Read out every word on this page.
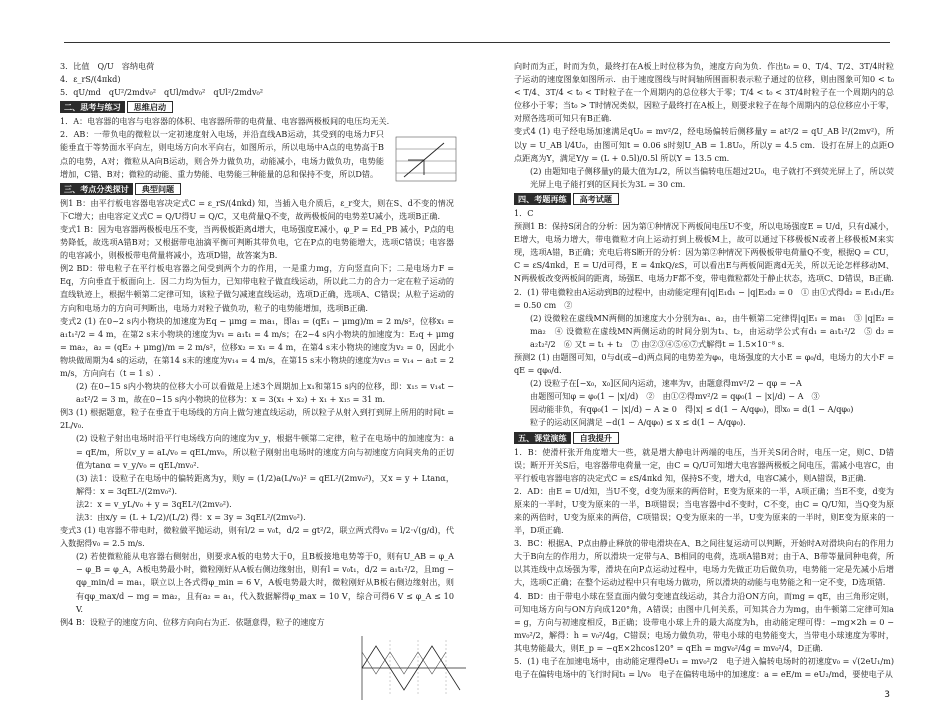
3．比值　Q/U　容纳电荷

4．ε_rS/(4πkd)

5．qU/md　qU²/2mdv₀²　qUl/mdv₀²　qUl²/2mdv₀²

二、思考与练习	思维启动

1．A：电容器的电容与电容器的体积、电容器所带的电荷量、电容器两极板间的电压均无关.

2．AB：一带负电的微粒以一定初速度射入电场，并沿直线AB运动，其受到的电场力F只能垂直于等势面水平向左，则电场方向水平向右，如图所示，所以电场中A点的电势高于B点的电势，A对；微粒从A向B运动，则合外力做负功，动能减小，电场力做负功，电势能增加，C错、B对；微粒的动能、重力势能、电势能三种能量的总和保持不变，所以D错。

三、考点分类探讨	典型问题

例1 B：由平行板电容器电容决定式C = ε_rS/(4πkd) 知，当插入电介质后，ε_r变大，则在S、d不变的情况下C增大；由电容定义式C = Q/U得U = Q/C，又电荷量Q不变，故两极板间的电势差U减小，选项B正确.

变式1 B：因为电容器两极板电压不变，当两极板距离d增大，电场强度E减小，φ_P = Ed_PB 减小，P点的电势降低，故选项A错B对；又根据带电油滴平衡可判断其带负电，它在P点的电势能增大，选项C错误；电容器的电容减小，则极板带电荷量将减小，选项D错，故答案为B.

例2 BD：带电粒子在平行板电容器之间受到两个力的作用，一是重力mg，方向竖直向下；二是电场力F = Eq，方向垂直于板面向上．因二力均为恒力，已知带电粒子做直线运动，所以此二力的合力一定在粒子运动的直线轨迹上，根据牛顿第二定律可知，该粒子做匀减速直线运动，选项D正确，选项A、C错误；从粒子运动的方向和电场力的方向可判断出，电场力对粒子做负功，粒子的电势能增加，选项B正确.

变式2 (1) 在0~2 s内小物块的加速度为Eq − μmg = ma₁，即a₁ = (qE₁ − μmg)/m = 2 m/s²，位移x₁ = a₁t₁²/2 = 4 m，在第2 s末小物块的速度为v₁ = a₁t₁ = 4 m/s；在2~4 s内小物块的加速度为：E₂q + μmg = ma₂，a₂ = (qE₂ + μmg)/m = 2 m/s²，位移x₂ = x₁ = 4 m，在第4 s末小物块的速度为v₂ = 0，因此小物块做周期为4 s的运动，在第14 s末的速度为v₁₄ = 4 m/s，在第15 s末小物块的速度为v₁₅ = v₁₄ − a₂t = 2 m/s，方向向右（t = 1 s）.

(2) 在0~15 s内小物块的位移大小可以看做是上述3个周期加上x₁和第15 s内的位移，即：x₁₅ = v₁₄t − a₂t²/2 = 3 m，故在0~15 s内小物块的位移为：x = 3(x₁ + x₂) + x₁ + x₁₅ = 31 m.

例3 (1) 根据题意，粒子在垂直于电场线的方向上做匀速直线运动，所以粒子从射入到打到屏上所用的时间t = 2L/v₀.

(2) 设粒子射出电场时沿平行电场线方向的速度为v_y，根据牛顿第二定律，粒子在电场中的加速度为：a = qE/m，所以v_y = aL/v₀ = qEL/mv₀，所以粒子刚射出电场时的速度方向与初速度方向间夹角的正切值为tanα = v_y/v₀ = qEL/mv₀².

(3) 法1：设粒子在电场中的偏转距离为y，则y = (1/2)a(L/v₀)² = qEL²/(2mv₀²)，又x = y + Ltanα，解得：x = 3qEL²/(2mv₀²).

法2：x = v_yL/v₀ + y = 3qEL²/(2mv₀²).

法3：由x/y = (L + L/2)/(L/2) 得：x = 3y = 3qEL²/(2mv₀²).

变式3 (1) 电容器不带电时，微粒做平抛运动，则有l/2 = v₀t，d/2 = gt²/2，联立两式得v₀ = l/2·√(g/d)，代入数据得v₀ = 2.5 m/s.

(2) 若使微粒能从电容器右侧射出，则要求A板的电势大于0，且B板接地电势等于0，则有U_AB = φ_A − φ_B = φ_A，A板电势最小时，微粒刚好从A板右侧边缘射出，则有l = v₀t₁，d/2 = a₁t₁²/2，且mg − qφ_min/d = ma₁，联立以上各式得φ_min = 6 V，A板电势最大时，微粒刚好从B板右侧边缘射出，则有qφ_max/d − mg = ma₂，且有a₂ = a₁，代入数据解得φ_max = 10 V，综合可得6 V ≤ φ_A ≤ 10 V.

例4 B：设粒子的速度方向、位移方向向右为正．依题意得，粒子的速度方

向时而为正，时而为负，最终打在A板上时位移为负，速度方向为负．作出t₀ = 0、T/4、T/2、3T/4时粒子运动的速度图象如图所示．由于速度图线与时间轴所围面积表示粒子通过的位移，则由图象可知0 < t₀ < T/4、3T/4 < t₀ < T时粒子在一个周期内的总位移大于零；T/4 < t₀ < 3T/4时粒子在一个周期内的总位移小于零；当t₀ > T时情况类似，因粒子最终打在A板上，则要求粒子在每个周期内的总位移应小于零，对照各选项可知只有B正确.

变式4 (1) 电子经电场加速满足qU₀ = mv²/2，经电场偏转后侧移量y = at²/2 = qU_AB l²/(2mv²)，所以y = U_AB l/4U₀，由图可知t = 0.06 s时刻U_AB = 1.8U₀，所以y = 4.5 cm．设打在屏上的点距O点距离为Y，满足Y/y = (L + 0.5l)/0.5l 所以Y = 13.5 cm.

(2) 由题知电子侧移量y的最大值为L/2，所以当偏转电压超过2U₀，电子就打不到荧光屏上了，所以荧光屏上电子能打到的区间长为3L = 30 cm.

四、考题再练	高考试题

1．C

预测1 B：保持S闭合的分析：因为第①种情况下两板间电压U不变，所以电场强度E = U/d，只有d减小，E增大，电场力增大，带电微粒才向上运动打到上极板M上，故可以通过下移极板N或者上移极板M来实现，选项A错，B正确；充电后将S断开的分析：因为第②种情况下两极板带电荷量Q不变，根据Q = CU，C = εS/4πkd，E = U/d可得，E = 4πkQ/εS，可以看出E与两板间距离d无关，所以无论怎样移动M、N两极板改变两板间的距离，场强E、电场力F都不变，带电微粒都处于静止状态，选项C、D错误，B正确.

2．(1) 带电微粒由A运动到B的过程中，由动能定理有|q|E₁d₁ − |q|E₂d₂ = 0　① 由①式得d₂ = E₁d₁/E₂ = 0.50 cm　②

(2) 设微粒在虚线MN两侧的加速度大小分别为a₁、a₂，由牛顿第二定律得|q|E₁ = ma₁　③ |q|E₂ = ma₂　④ 设微粒在虚线MN两侧运动的时间分别为t₁、t₂，由运动学公式有d₁ = a₁t₁²/2　⑤ d₂ = a₂t₂²/2　⑥ 又t = t₁ + t₂　⑦ 由②③④⑤⑥⑦式解得t = 1.5×10⁻⁸ s.

预测2 (1) 由题图可知，0与d(或−d)两点间的电势差为φ₀，电场强度的大小E = φ₀/d，电场力的大小F = qE = qφ₀/d.

(2) 设粒子在[−x₀，x₀]区间内运动，速率为v，由题意得mv²/2 − qφ = −A

由题图可知φ = φ₀(1 − |x|/d)　②　由①②得mv²/2 = qφ₀(1 − |x|/d) − A　③

因动能非负，有qφ₀(1 − |x|/d) − A ≥ 0　得|x| ≤ d(1 − A/qφ₀)，即x₀ = d(1 − A/qφ₀)

粒子的运动区间满足 −d(1 − A/qφ₀) ≤ x ≤ d(1 − A/qφ₀).

五、课堂演练	自我提升

1．B：使滑杆张开角度增大一些，就是增大静电计两端的电压，当开关S闭合时，电压一定，则C、D错误；断开开关S后，电容器带电荷量一定，由C = Q/U可知增大电容器两极板之间电压，需减小电容C，由平行板电容器电容的决定式C = εS/4πkd 知，保持S不变，增大d，电容C减小，则A错误，B正确.

2．AD：由E = U/d知，当U不变，d变为原来的两倍时，E变为原来的一半，A项正确；当E不变，d变为原来的一半时，U变为原来的一半，B项错误；当电容器中d不变时，C不变，由C = Q/U知，当Q变为原来的两倍时，U变为原来的两倍，C项错误；Q变为原来的一半，U变为原来的一半时，则E变为原来的一半，D项正确.

3．BC：根据A、P点由静止释放的带电滑块在A、B之间往复运动可以判断，开始时A对滑块向右的作用力大于B向左的作用力，所以滑块一定带与A、B相同的电荷，选项A错B对；由于A、B带等量同种电荷，所以其连线中点场强为零，滑块在向P点运动过程中，电场力先做正功后做负功，电势能一定是先减小后增大，选项C正确；在整个运动过程中只有电场力做功，所以滑块的动能与电势能之和一定不变，D选项错.

4．BD：由于带电小球在竖直面内做匀变速直线运动，其合力沿ON方向，而mg = qE，由三角形定则，可知电场方向与ON方向成120°角，A错误；由图中几何关系，可知其合力为mg，由牛顿第二定律可知a = g，方向与初速度相反，B正确；设带电小球上升的最大高度为h，由动能定理可得：−mg×2h = 0 − mv₀²/2，解得：h = v₀²/4g，C错误；电场力做负功，带电小球的电势能变大，当带电小球速度为零时，其电势能最大，则E_p = −qE×2hcos120° = qEh = mgv₀²/4g = mv₀²/4，D正确.

5．(1) 电子在加速电场中，由动能定理得eU₁ = mv₀²/2　电子进入偏转电场时的初速度v₀ = √(2eU₁/m)　电子在偏转电场中的飞行时间t₁ = l/v₀　电子在偏转电场中的加速度：a = eE/m = eU₂/md，要使电子从

3
